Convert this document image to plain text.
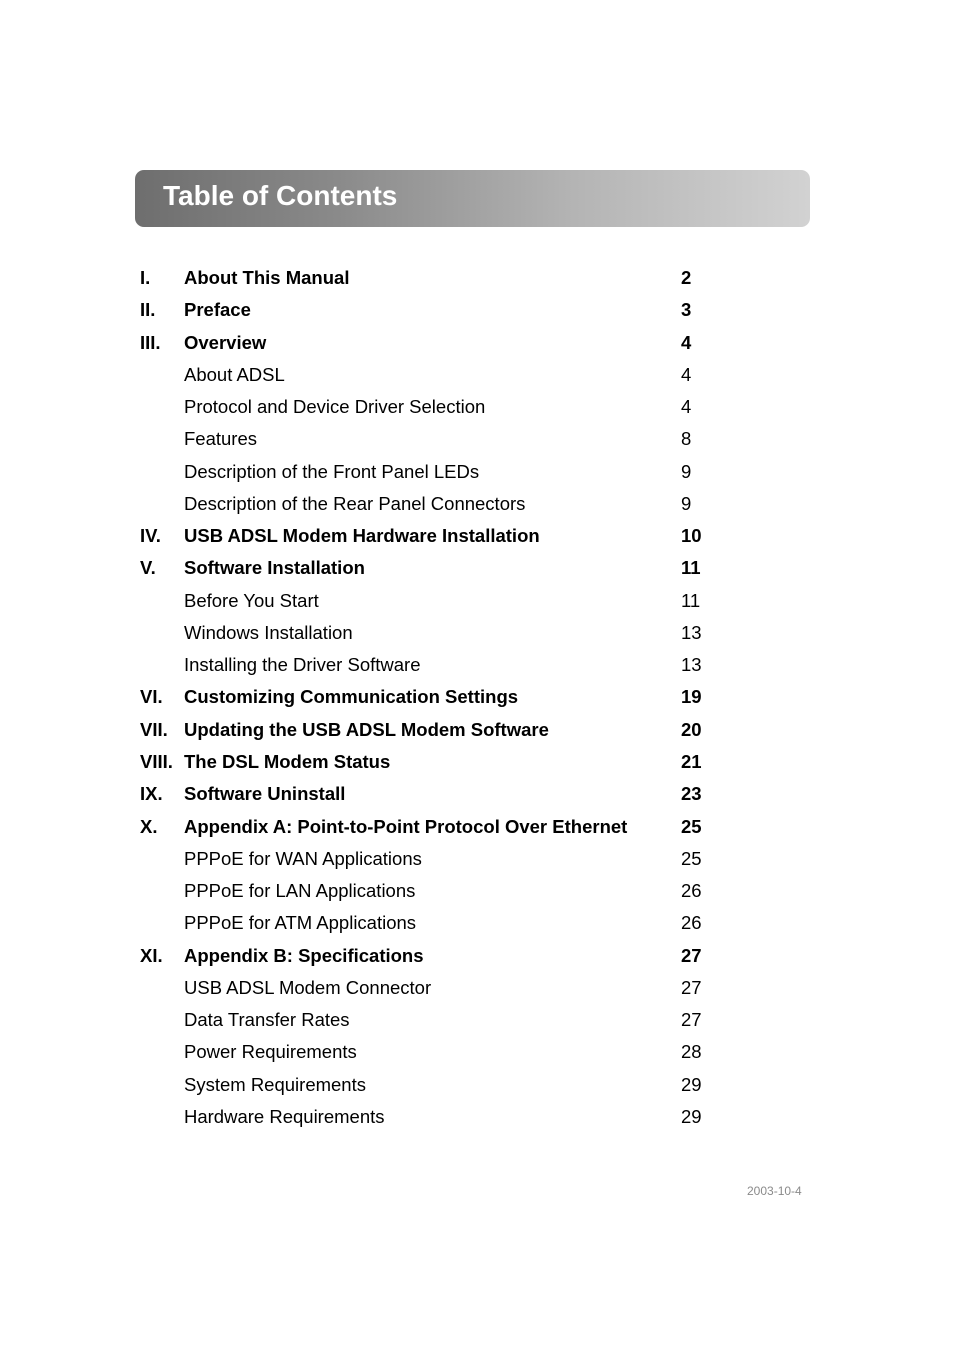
Table of Contents
I. About This Manual	2
II. Preface	3
III. Overview	4
About ADSL	4
Protocol and Device Driver Selection	4
Features	8
Description of the Front Panel LEDs	9
Description of the Rear Panel Connectors	9
IV. USB ADSL Modem Hardware Installation	10
V. Software Installation	11
Before You Start	11
Windows Installation	13
Installing the Driver Software	13
VI. Customizing Communication Settings	19
VII. Updating the USB ADSL Modem Software	20
VIII. The DSL Modem Status	21
IX. Software Uninstall	23
X. Appendix A: Point-to-Point Protocol Over Ethernet	25
PPPoE for WAN Applications	25
PPPoE for LAN Applications	26
PPPoE for ATM Applications	26
XI. Appendix B: Specifications	27
USB ADSL Modem Connector	27
Data Transfer Rates	27
Power Requirements	28
System Requirements	29
Hardware Requirements	29
2003-10-4
